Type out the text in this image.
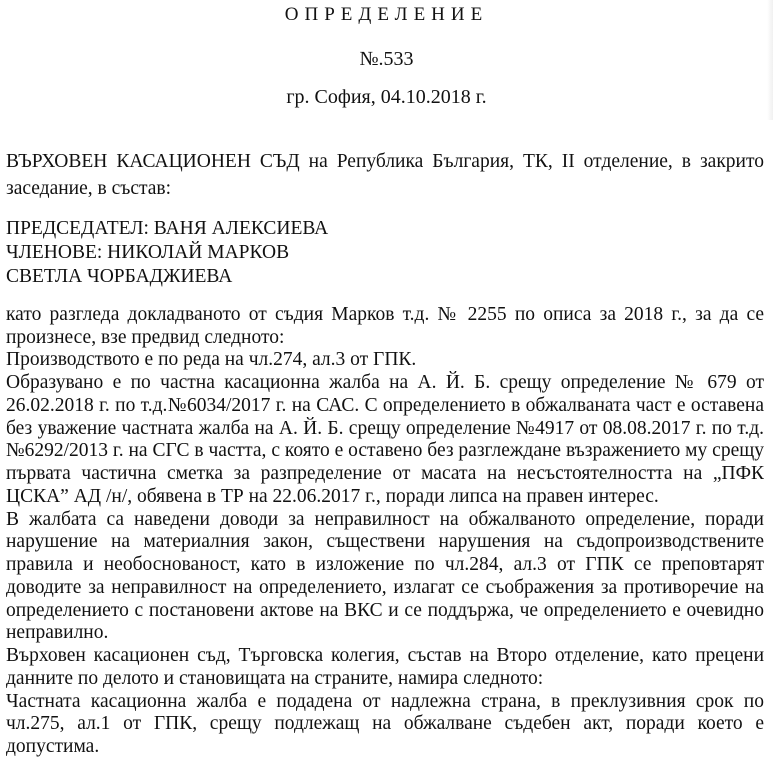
ОПРЕДЕЛЕНИЕ
№.533
гр. София, 04.10.2018 г.
ВЪРХОВЕН КАСАЦИОНЕН СЪД на Република България, ТК, II отделение, в закрито
заседание, в състав:
ПРЕДСЕДАТЕЛ: ВАНЯ АЛЕКСИЕВА
ЧЛЕНОВЕ: НИКОЛАЙ МАРКОВ
СВЕТЛА ЧОРБАДЖИЕВА
като разгледа докладваното от съдия Марков т.д. № 2255 по описа за 2018 г., за да се
произнесе, взе предвид следното:
Производството е по реда на чл.274, ал.3 от ГПК.
Образувано е по частна касационна жалба на А. Й. Б. срещу определение № 679 от
26.02.2018 г. по т.д.№6034/2017 г. на САС. С определението в обжалваната част е оставена
без уважение частната жалба на А. Й. Б. срещу определение №4917 от 08.08.2017 г. по т.д.
№6292/2013 г. на СГС в частта, с която е оставено без разглеждане възражението му срещу
първата частична сметка за разпределение от масата на несъстоятелността на „ПФК
ЦСКА” АД /н/, обявена в ТР на 22.06.2017 г., поради липса на правен интерес.
В жалбата са наведени доводи за неправилност на обжалваното определение, поради
нарушение на материалния закон, съществени нарушения на съдопроизводствените
правила и необоснованост, като в изложение по чл.284, ал.3 от ГПК се преповтарят
доводите за неправилност на определението, излагат се съображения за противоречие на
определението с постановени актове на ВКС и се поддържа, че определението е очевидно
неправилно.
Върховен касационен съд, Търговска колегия, състав на Второ отделение, като прецени
данните по делото и становищата на страните, намира следното:
Частната касационна жалба е подадена от надлежна страна, в преклузивния срок по
чл.275, ал.1 от ГПК, срещу подлежащ на обжалване съдебен акт, поради което е
допустима.
